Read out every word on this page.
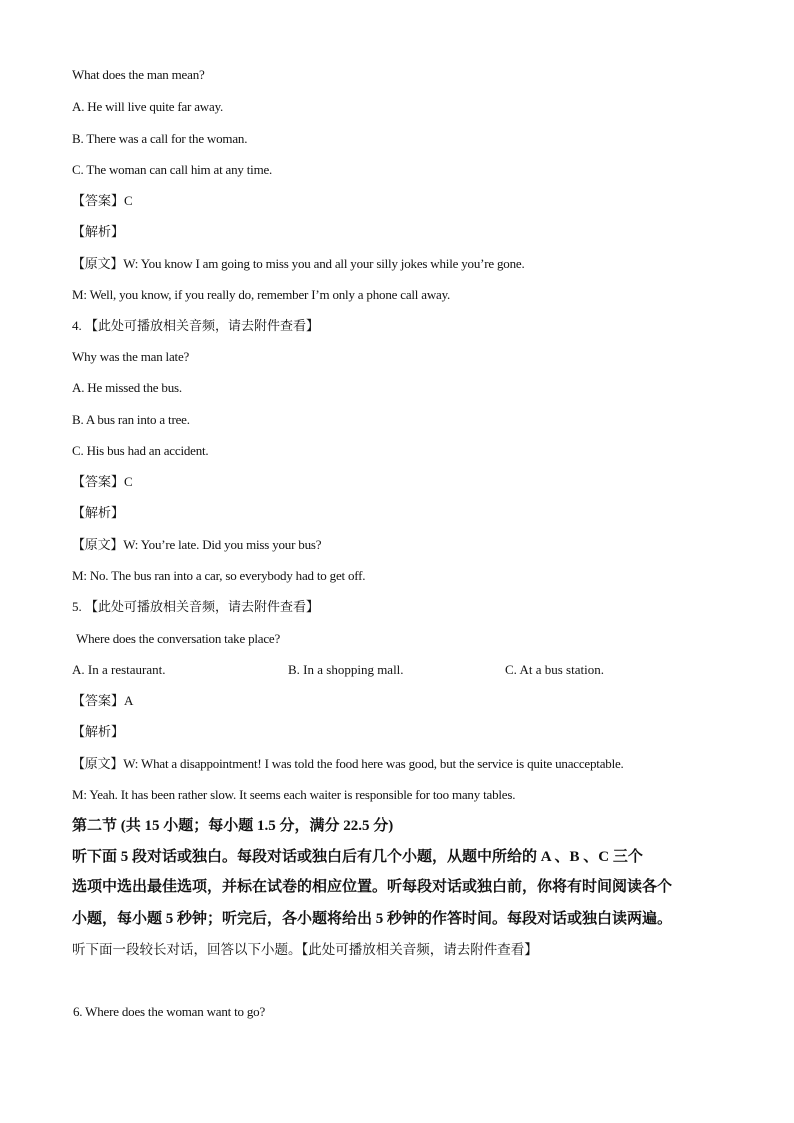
What does the man mean?
A. He will live quite far away.
B. There was a call for the woman.
C. The woman can call him at any time.
【答案】C
【解析】
【原文】W: You know I am going to miss you and all your silly jokes while you’re gone.
M: Well, you know, if you really do, remember I’m only a phone call away.
4. 【此处可播放相关音频，请去附件查看】
Why was the man late?
A. He missed the bus.
B. A bus ran into a tree.
C. His bus had an accident.
【答案】C
【解析】
【原文】W: You’re late. Did you miss your bus?
M: No. The bus ran into a car, so everybody had to get off.
5. 【此处可播放相关音频，请去附件查看】
Where does the conversation take place?
A. In a restaurant.	B. In a shopping mall.	C. At a bus station.
【答案】A
【解析】
【原文】W: What a disappointment! I was told the food here was good, but the service is quite unacceptable.
M: Yeah. It has been rather slow. It seems each waiter is responsible for too many tables.
第二节 (共 15 小题；每小题 1.5 分，满分 22.5 分)
听下面 5 段对话或独白。每段对话或独白后有几个小题，从题中所给的 A 、B 、C 三个
选项中选出最佳选项，并标在试卷的相应位置。听每段对话或独白前，你将有时间阅读各个
小题，每小题 5 秒钟；听完后，各小题将给出 5 秒钟的作答时间。每段对话或独白读两遍。
听下面一段较长对话，回答以下小题。【此处可播放相关音频，请去附件查看】
6. Where does the woman want to go?
